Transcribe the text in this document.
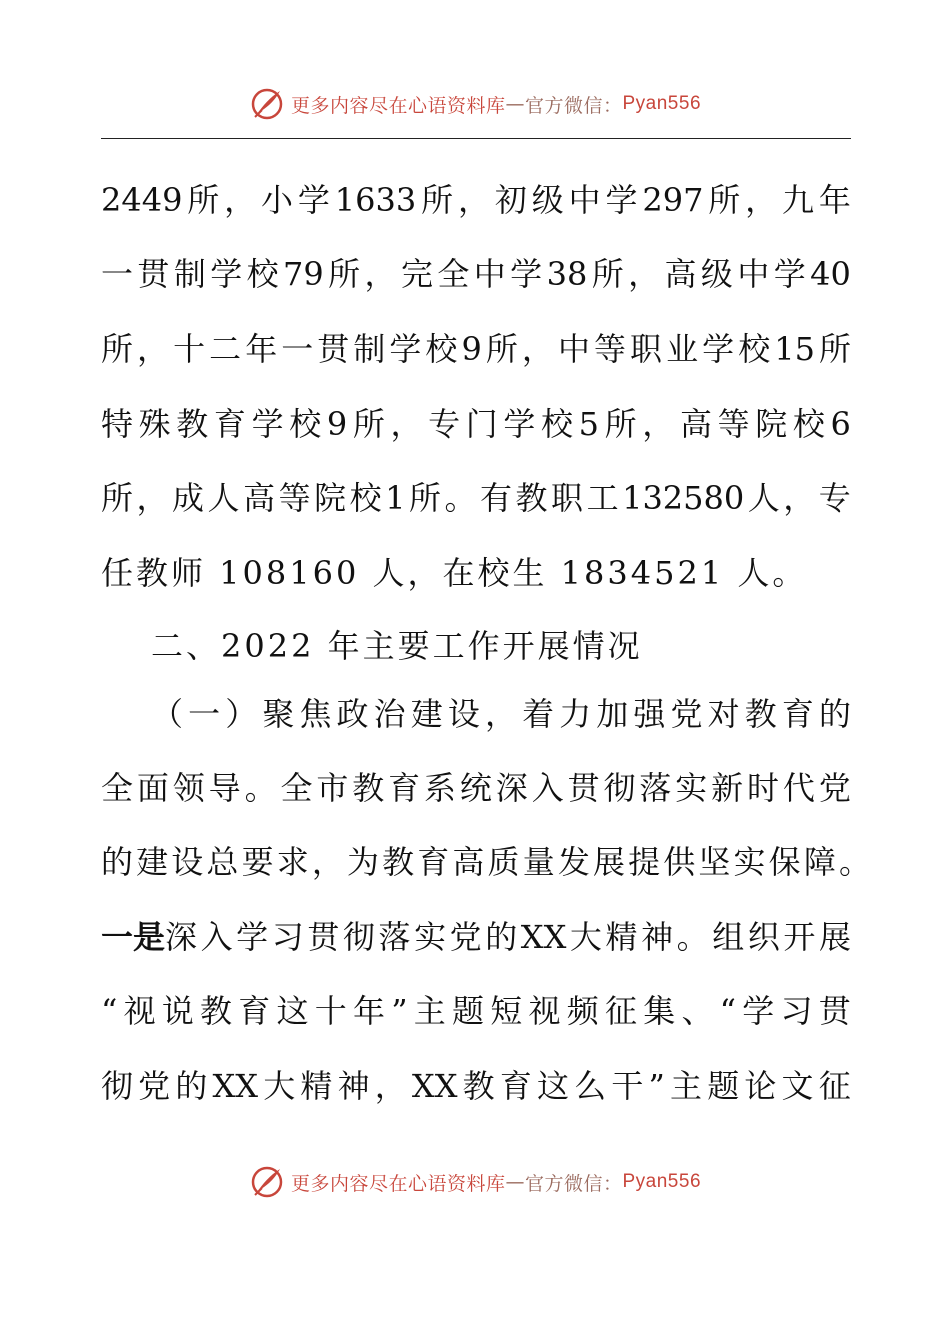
更多内容尽在心语资料库 — 官方微信： Pyan556
2449 所 ， 小 学 1633 所 ， 初 级 中 学 297 所 ， 九 年
一 贯 制 学 校 79 所 ， 完 全 中 学 38 所 ， 高 级 中 学 40
所 ， 十 二 年 一 贯 制 学 校 9 所 ， 中 等 职 业 学 校 15 所
特 殊 教 育 学 校 9 所 ， 专 门 学 校 5 所 ， 高 等 院 校 6
所 ， 成 人 高 等 院 校 1 所 。 有 教 职 工 132580 人 ， 专
任教师 108160 人，在校生 1834521 人。
二、2022 年主要工作开展情况
（ 一 ） 聚 焦 政 治 建 设 ， 着 力 加 强 党 对 教 育 的
全 面 领 导 。 全 市 教 育 系 统 深 入 贯 彻 落 实 新 时 代 党
的 建 设 总 要 求 ， 为 教 育 高 质 量 发 展 提 供 坚 实 保 障 。
一是 深 入 学 习 贯 彻 落 实 党 的 XX 大 精 神 。 组 织 开 展
“ 视 说 教 育 这 十 年 ” 主 题 短 视 频 征 集 、 “ 学 习 贯
彻 党 的 XX 大 精 神 ， XX 教 育 这 么 干 ” 主 题 论 文 征
更多内容尽在心语资料库 — 官方微信： Pyan556
